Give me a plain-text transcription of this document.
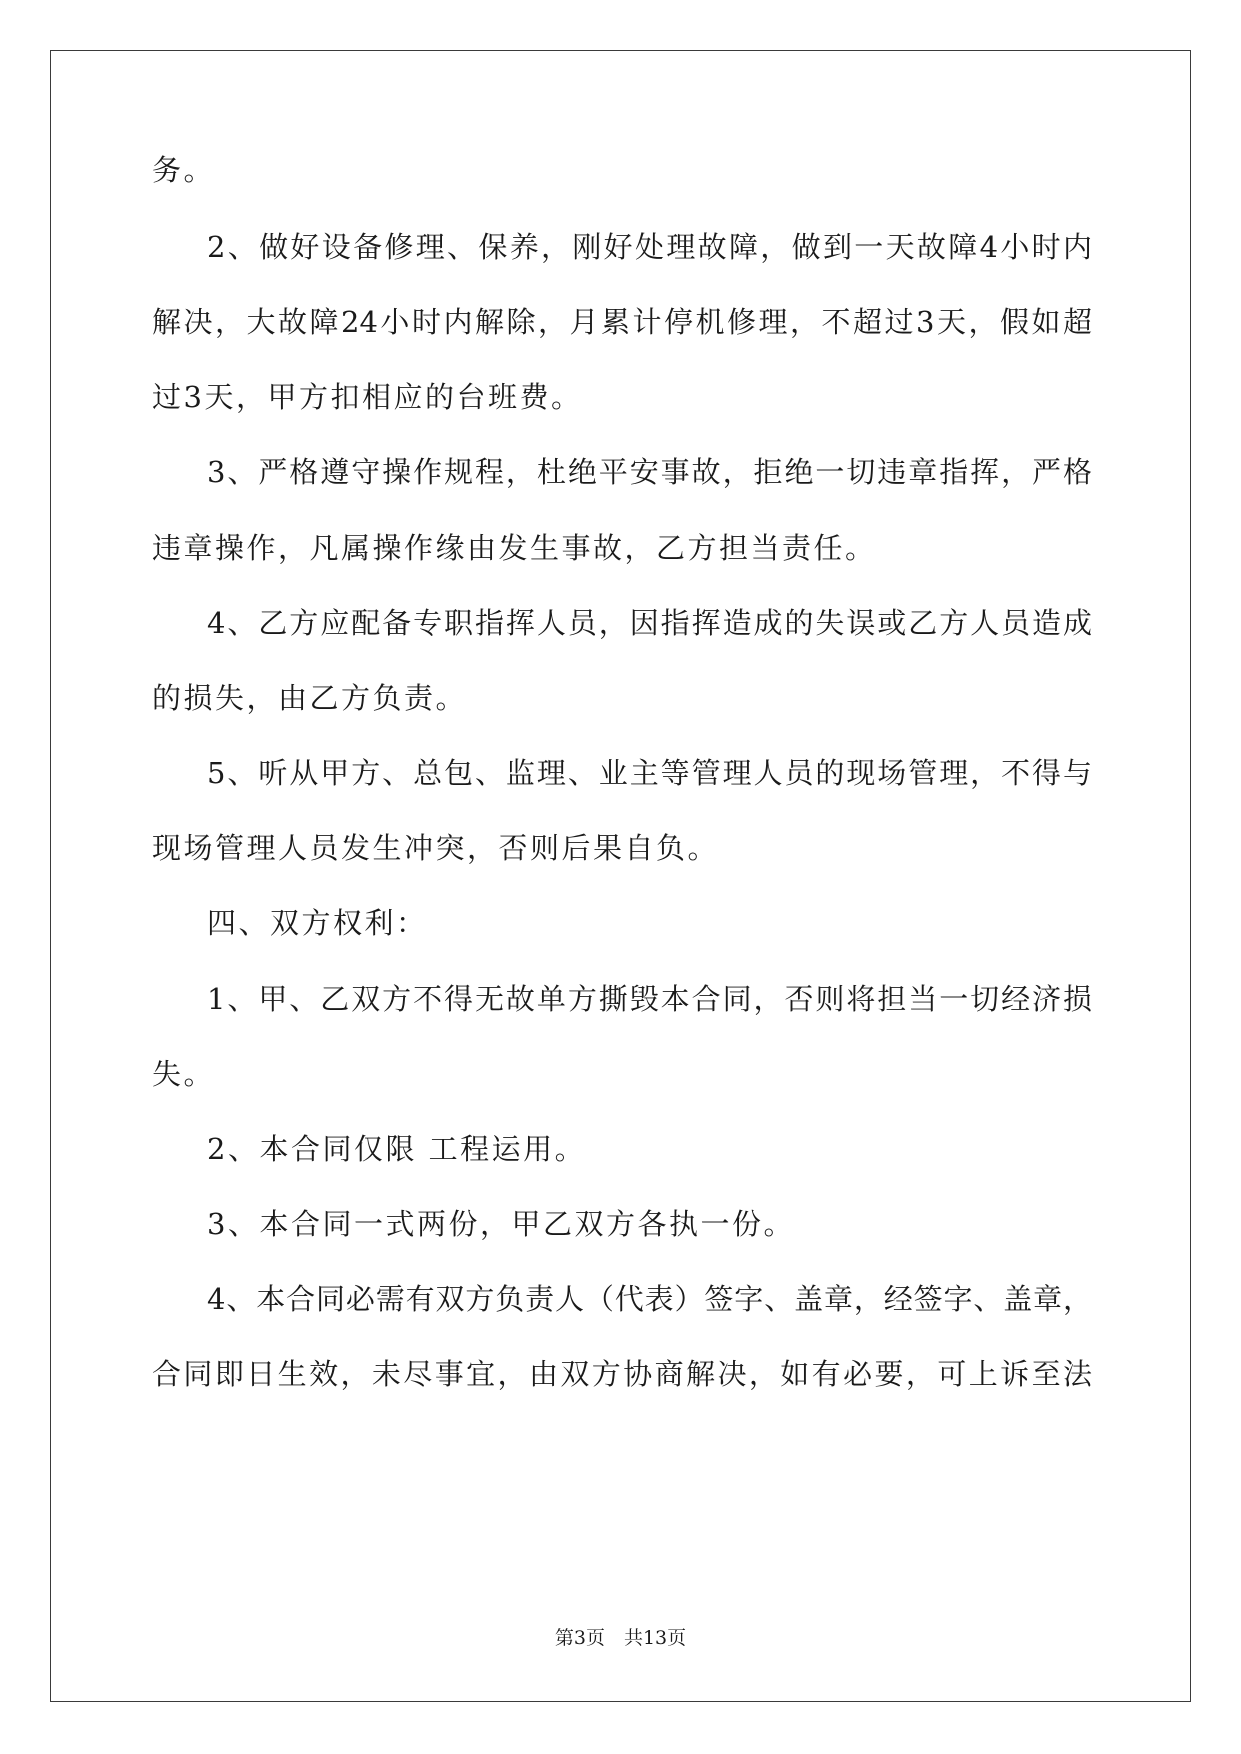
务。
2、做好设备修理、保养，刚好处理故障，做到一天故障4小时内
解决，大故障24小时内解除，月累计停机修理，不超过3天，假如超
过3天，甲方扣相应的台班费。
3、严格遵守操作规程，杜绝平安事故，拒绝一切违章指挥，严格
违章操作，凡属操作缘由发生事故，乙方担当责任。
4、乙方应配备专职指挥人员，因指挥造成的失误或乙方人员造成
的损失，由乙方负责。
5、听从甲方、总包、监理、业主等管理人员的现场管理，不得与
现场管理人员发生冲突，否则后果自负。
四、双方权利：
1、甲、乙双方不得无故单方撕毁本合同，否则将担当一切经济损
失。
2、本合同仅限 工程运用。
3、本合同一式两份，甲乙双方各执一份。
4、本合同必需有双方负责人（代表）签字、盖章，经签字、盖章，
合同即日生效，未尽事宜，由双方协商解决，如有必要，可上诉至法
第3页　共13页
